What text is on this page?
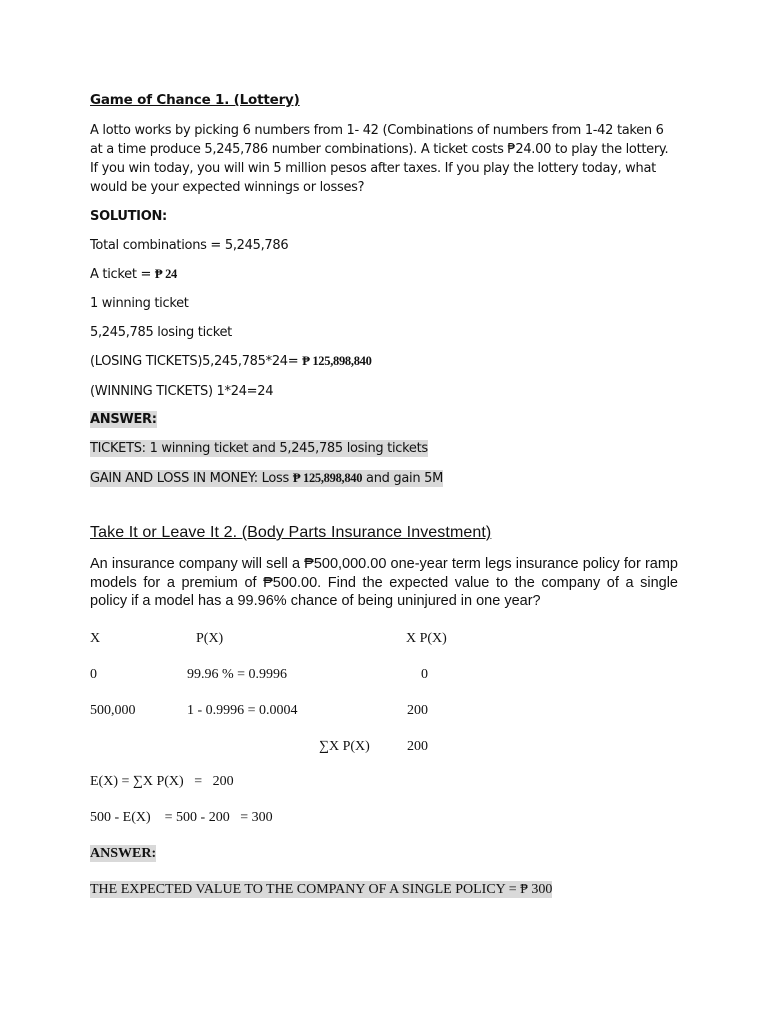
Game of Chance 1. (Lottery)

A lotto works by picking 6 numbers from 1- 42 (Combinations of numbers from 1-42 taken 6 at a time produce 5,245,786 number combinations). A ticket costs ₱24.00 to play the lottery. If you win today, you will win 5 million pesos after taxes. If you play the lottery today, what would be your expected winnings or losses?

SOLUTION:

Total combinations = 5,245,786

A ticket = ₱ 24

1 winning ticket

5,245,785 losing ticket

(LOSING TICKETS)5,245,785*24= ₱ 125,898,840

(WINNING TICKETS) 1*24=24

ANSWER:

TICKETS: 1 winning ticket and 5,245,785 losing tickets

GAIN AND LOSS IN MONEY: Loss ₱ 125,898,840 and gain 5M

Take It or Leave It 2. (Body Parts Insurance Investment)

An insurance company will sell a ₱500,000.00 one-year term legs insurance policy for ramp models for a premium of ₱500.00. Find the expected value to the company of a single policy if a model has a 99.96% chance of being uninjured in one year?

X	P(X)	X P(X)

0	99.96 % = 0.9996	0

500,000	1 - 0.9996 = 0.0004	200

∑X P(X)	200

E(X) = ∑X P(X)   =   200

500 - E(X)    = 500 - 200   = 300

ANSWER:

THE EXPECTED VALUE TO THE COMPANY OF A SINGLE POLICY = ₱ 300
